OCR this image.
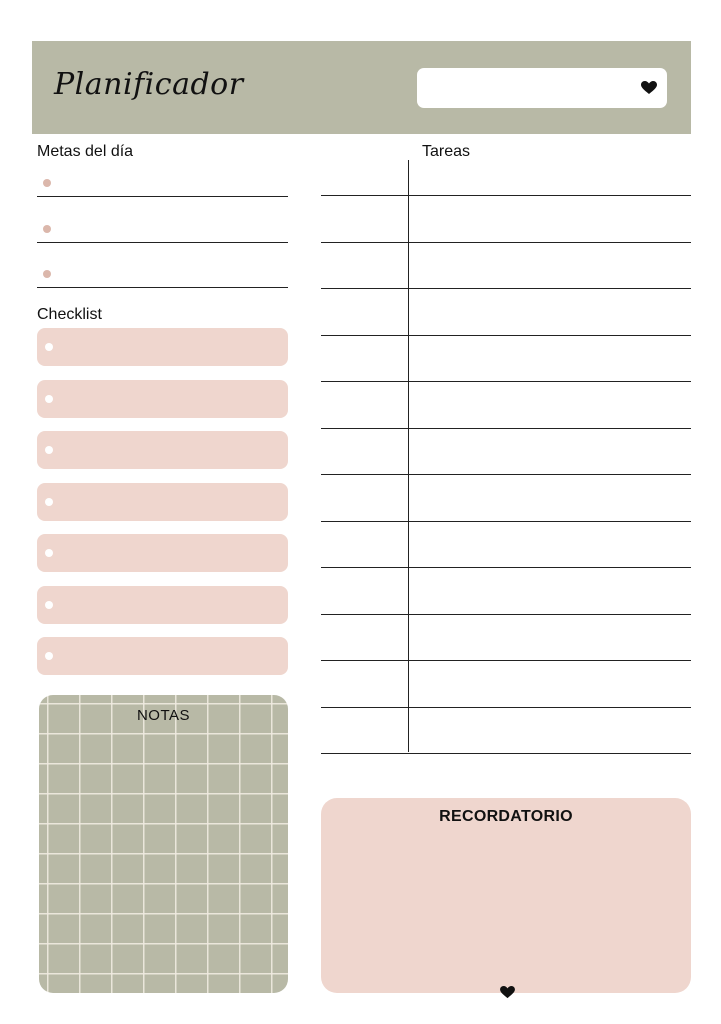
Planificador
Metas del día
Checklist
NOTAS
Tareas
RECORDATORIO
